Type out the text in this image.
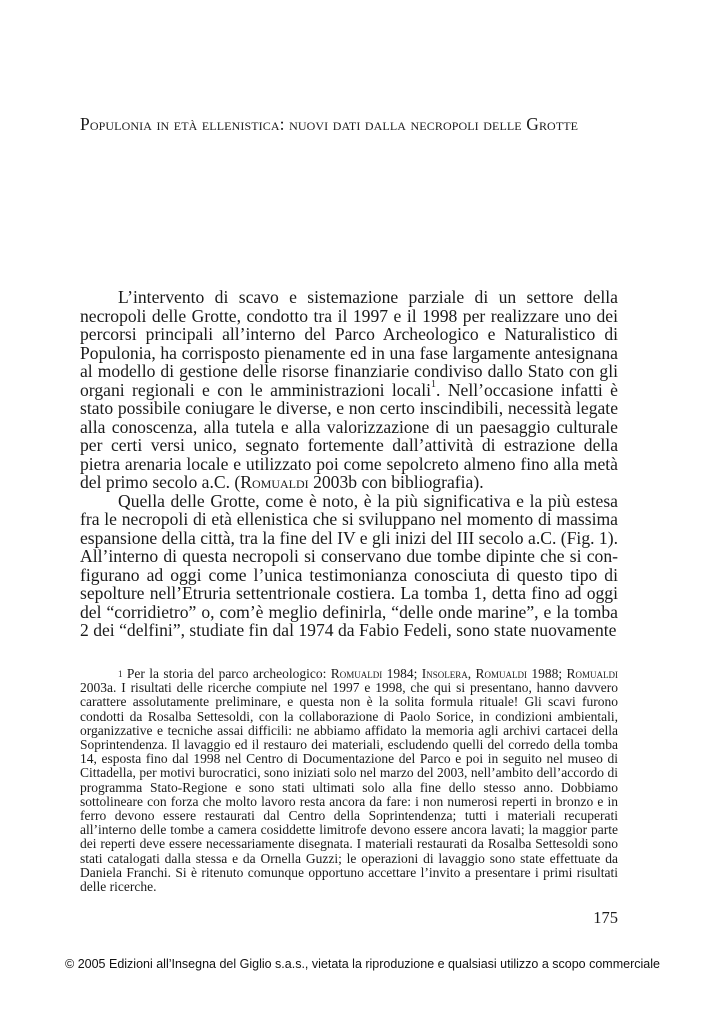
Populonia in età ellenistica: nuovi dati dalla necropoli delle Grotte

L’intervento di scavo e sistemazione parziale di un settore della necropoli delle Grotte, condotto tra il 1997 e il 1998 per realizzare uno dei percorsi principali all’interno del Parco Archeologico e Naturalistico di Populonia, ha corrisposto pienamente ed in una fase largamente antesignana al modello di gestione delle risorse finanziarie condiviso dallo Stato con gli organi regionali e con le amministrazioni locali$^1$. Nell’occasione infatti è stato possibile coniugare le diverse, e non certo inscindibili, necessità legate alla conoscenza, alla tutela e alla valorizzazione di un paesaggio culturale per certi versi unico, segnato fortemente dall’attività di estrazione della pietra arenaria locale e utilizzato poi come sepolcreto almeno fino alla metà del primo secolo a.C. (Romualdi 2003b con bibliografia).

Quella delle Grotte, come è noto, è la più significativa e la più estesa fra le necropoli di età ellenistica che si sviluppano nel momento di massima espansione della città, tra la fine del IV e gli inizi del III secolo a.C. (Fig. 1). All’interno di questa necropoli si conservano due tombe dipinte che si configurano ad oggi come l’unica testimonianza conosciuta di questo tipo di sepolture nell’Etruria settentrionale costiera. La tomba 1, detta fino ad oggi del “corridietro” o, com’è meglio definirla, “delle onde marine”, e la tomba 2 dei “delfini”, studiate fin dal 1974 da Fabio Fedeli, sono state nuovamente

$^1$ Per la storia del parco archeologico: Romualdi 1984; Insolera, Romualdi 1988; Romualdi 2003a. I risultati delle ricerche compiute nel 1997 e 1998, che qui si presentano, hanno davvero carattere assolutamente preliminare, e questa non è la solita formula rituale! Gli scavi furono condotti da Rosalba Settesoldi, con la collaborazione di Paolo Sorice, in condizioni ambientali, organizzative e tecniche assai difficili: ne abbiamo affidato la memoria agli archivi cartacei della Soprintendenza. Il lavaggio ed il restauro dei materiali, escludendo quelli del corredo della tomba 14, esposta fino dal 1998 nel Centro di Documentazione del Parco e poi in seguito nel museo di Cittadella, per motivi burocratici, sono iniziati solo nel marzo del 2003, nell’ambito dell’accordo di programma Stato-Regione e sono stati ultimati solo alla fine dello stesso anno. Dobbiamo sottolineare con forza che molto lavoro resta ancora da fare: i non numerosi reperti in bronzo e in ferro devono essere restaurati dal Centro della Soprintendenza; tutti i materiali recuperati all’interno delle tombe a camera cosiddette limitrofe devono essere ancora lavati; la maggior parte dei reperti deve essere necessariamente disegnata. I materiali restaurati da Rosalba Settesoldi sono stati catalogati dalla stessa e da Ornella Guzzi; le operazioni di lavaggio sono state effettuate da Daniela Franchi. Si è ritenuto comunque opportuno accettare l’invito a presentare i primi risultati delle ricerche.

175
© 2005 Edizioni all’Insegna del Giglio s.a.s., vietata la riproduzione e qualsiasi utilizzo a scopo commerciale
